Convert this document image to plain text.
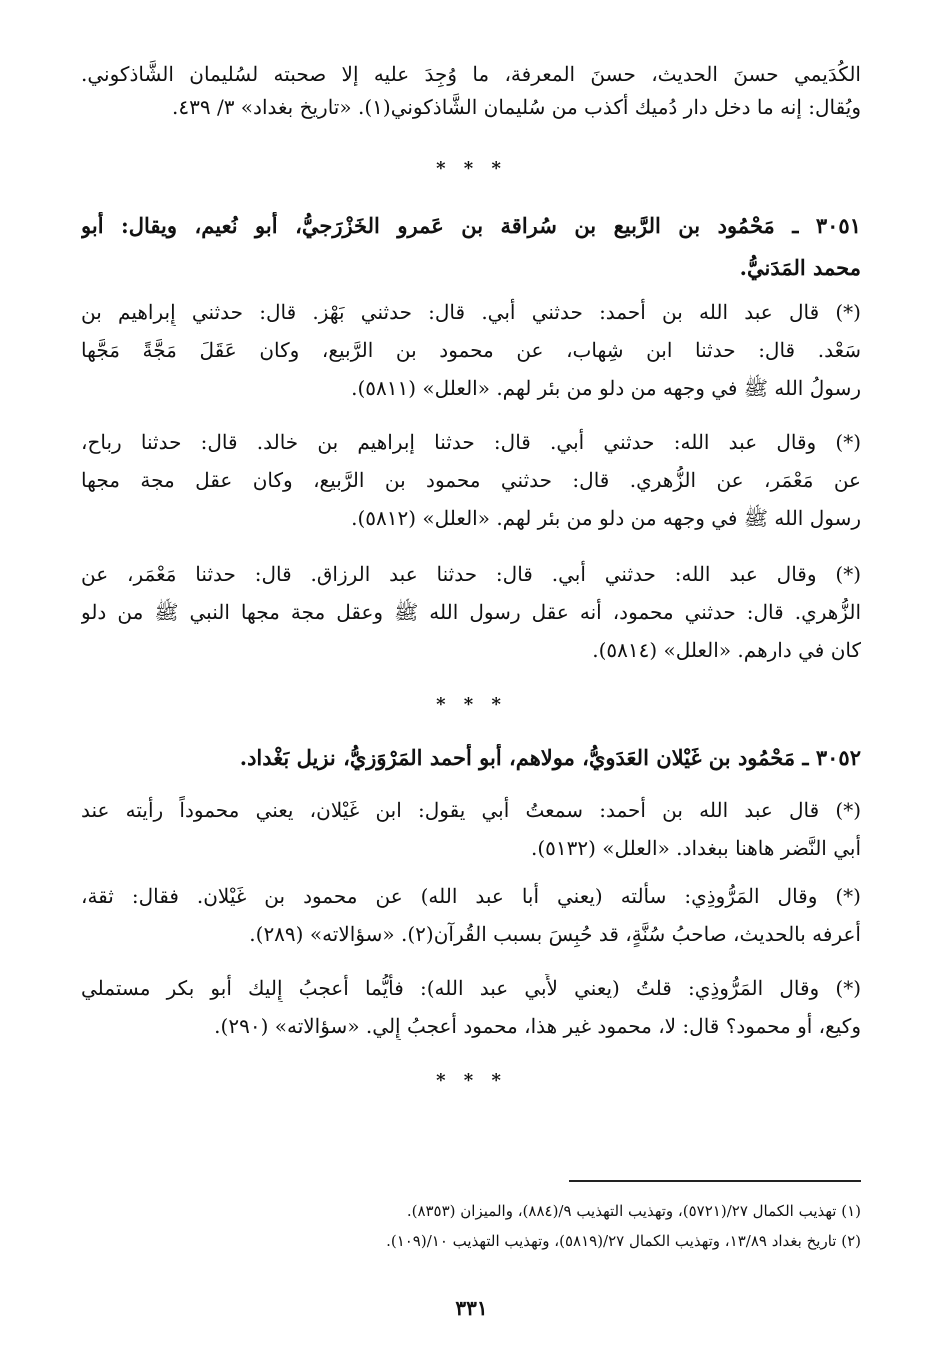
الكُدَيمي حسنَ الحديث، حسنَ المعرفة، ما وُجِدَ عليه إلا صحبته لسُليمان الشَّاذكوني.
ويُقال: إنه ما دخل دار دُميك أكذب من سُليمان الشَّاذكوني(١). «تاريخ بغداد» ٣/ ٤٣٩.
* * *
٣٠٥١ ـ مَحْمُود بن الرَّبيع بن سُراقة بن عَمرو الخَزْرَجيُّ، أَبو نُعيم، ويقال: أَبو
محمد المَدَنيُّ.
(*) قال عبد الله بن أحمد: حدثني أَبي. قال: حدثني بَهْز. قال: حدثني إِبراهيم بن
سَعْد. قال: حدثنا ابن شِهاب، عن محمود بن الرَّبيع، وكان عَقَلَ مَجَّةً مَجَّها
رسولُ الله ﷺ في وجهه من دلو من بئر لهم. «العلل» (٥٨١١).
(*) وقال عبد الله: حدثني أَبي. قال: حدثنا إبراهيم بن خالد. قال: حدثنا رباح،
عن مَعْمَر، عن الزُّهري. قال: حدثني محمود بن الرَّبيع، وكان عقل مجة مجها
رسول الله ﷺ في وجهه من دلو من بئر لهم. «العلل» (٥٨١٢).
(*) وقال عبد الله: حدثني أَبي. قال: حدثنا عبد الرزاق. قال: حدثنا مَعْمَر، عن
الزُّهري. قال: حدثني محمود، أنه عقل رسول الله ﷺ وعقل مجة مجها النبي ﷺ من دلو
كان في دارهم. «العلل» (٥٨١٤).
* * *
٣٠٥٢ ـ مَحْمُود بن غَيْلان العَدَويُّ، مولاهم، أَبو أَحمد المَرْوَزيُّ، نزيل بَغْداد.
(*) قال عبد الله بن أَحمد: سمعتُ أَبي يقول: ابن غَيْلان، يعني محموداً رأيته عند
أَبي النَّضر هاهنا ببغداد. «العلل» (٥١٣٢).
(*) وقال المَرُّوذِي: سأَلته (يعني أَبا عبد الله) عن محمود بن غَيْلان. فقال: ثقة،
أعرفه بالحديث، صاحبُ سُنَّةٍ، قد حُبِسَ بسبب القُرآن(٢). «سؤالاته» (٢٨٩).
(*) وقال المَرُّوذِي: قلتُ (يعني لأَبي عبد الله): فأَيُّما أَعجبُ إِليك أَبو بكر مستملي
وكيع، أَو محمود؟ قال: لا، محمود غير هذا، محمود أَعجبُ إِلي. «سؤالاته» (٢٩٠).
* * *
(١) تهذيب الكمال ٢٧/(٥٧٢١)، وتهذيب التهذيب ٩/(٨٨٤)، والميزان (٨٣٥٣).
(٢) تاريخ بغداد ١٣/٨٩، وتهذيب الكمال ٢٧/(٥٨١٩)، وتهذيب التهذيب ١٠/(١٠٩).
٣٣١
